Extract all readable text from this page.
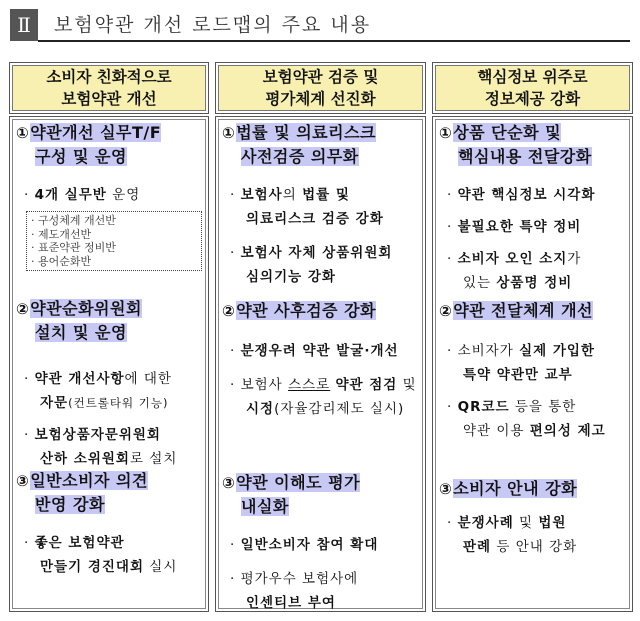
Ⅱ	보험약관 개선 로드맵의 주요 내용
소비자 친화적으로
보험약관 개선
보험약관 검증 및
평가체계 선진화
핵심정보 위주로
정보제공 강화
①약관개선 실무T/F
구성 및 운영
· 4개 실무반 운영
· 구성체계 개선반
· 제도개선반
· 표준약관 정비반
· 용어순화반
②약관순화위원회
설치 및 운영
· 약관 개선사항에 대한
자문(컨트롤타워 기능)
· 보험상품자문위원회
산하 소위원회로 설치
③일반소비자 의견
반영 강화
· 좋은 보험약관
만들기 경진대회 실시
①법률 및 의료리스크
사전검증 의무화
· 보험사의 법률 및
의료리스크 검증 강화
· 보험사 자체 상품위원회
심의기능 강화
②약관 사후검증 강화
· 분쟁우려 약관 발굴·개선
· 보험사 스스로 약관 점검 및
시정(자율감리제도 실시)
③약관 이해도 평가
내실화
· 일반소비자 참여 확대
· 평가우수 보험사에
인센티브 부여
①상품 단순화 및
핵심내용 전달강화
· 약관 핵심정보 시각화
· 불필요한 특약 정비
· 소비자 오인 소지가
있는 상품명 정비
②약관 전달체계 개선
· 소비자가 실제 가입한
특약 약관만 교부
· QR코드 등을 통한
약관 이용 편의성 제고
③소비자 안내 강화
· 분쟁사례 및 법원
판례 등 안내 강화
